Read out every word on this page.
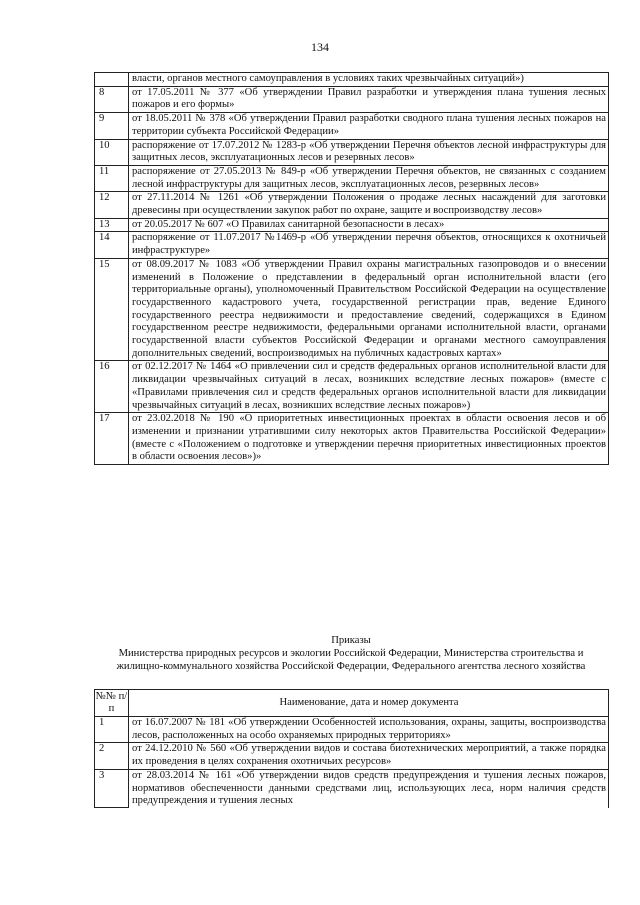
134
	власти, органов местного самоуправления в условиях таких чрезвычайных ситуаций»)
8	от 17.05.2011 № 377 «Об утверждении Правил разработки и утверждения плана тушения лесных пожаров и его формы»
9	от 18.05.2011 № 378 «Об утверждении Правил разработки сводного плана тушения лесных пожаров на территории субъекта Российской Федерации»
10	распоряжение от 17.07.2012 № 1283-р «Об утверждении Перечня объектов лесной инфраструктуры для защитных лесов, эксплуатационных лесов и резервных лесов»
11	распоряжение от 27.05.2013 № 849-р «Об утверждении Перечня объектов, не связанных с созданием лесной инфраструктуры для защитных лесов, эксплуатационных лесов, резервных лесов»
12	от 27.11.2014 № 1261 «Об утверждении Положения о продаже лесных насаждений для заготовки древесины при осуществлении закупок работ по охране, защите и воспроизводству лесов»
13	от 20.05.2017 № 607 «О Правилах санитарной безопасности в лесах»
14	распоряжение от 11.07.2017 №1469-р «Об утверждении перечня объектов, относящихся к охотничьей инфраструктуре»
15	от 08.09.2017 № 1083 «Об утверждении Правил охраны магистральных газопроводов и о внесении изменений в Положение о представлении в федеральный орган исполнительной власти (его территориальные органы), уполномоченный Правительством Российской Федерации на осуществление государственного кадастрового учета, государственной регистрации прав, ведение Единого государственного реестра недвижимости и предоставление сведений, содержащихся в Едином государственном реестре недвижимости, федеральными органами исполнительной власти, органами государственной власти субъектов Российской Федерации и органами местного самоуправления дополнительных сведений, воспроизводимых на публичных кадастровых картах»
16	от 02.12.2017 № 1464 «О привлечении сил и средств федеральных органов исполнительной власти для ликвидации чрезвычайных ситуаций в лесах, возникших вследствие лесных пожаров» (вместе с «Правилами привлечения сил и средств федеральных органов исполнительной власти для ликвидации чрезвычайных ситуаций в лесах, возникших вследствие лесных пожаров»)
17	от 23.02.2018 № 190 «О приоритетных инвестиционных проектах в области освоения лесов и об изменении и признании утратившими силу некоторых актов Правительства Российской Федерации» (вместе с «Положением о подготовке и утверждении перечня приоритетных инвестиционных проектов в области освоения лесов»)»
Приказы
Министерства природных ресурсов и экологии Российской Федерации, Министерства строительства и жилищно-коммунального хозяйства Российской Федерации, Федерального агентства лесного хозяйства
№№ п/п	Наименование, дата и номер документа
1	от 16.07.2007 № 181 «Об утверждении Особенностей использования, охраны, защиты, воспроизводства лесов, расположенных на особо охраняемых природных территориях»
2	от 24.12.2010 № 560 «Об утверждении видов и состава биотехнических мероприятий, а также порядка их проведения в целях сохранения охотничьих ресурсов»
3	от 28.03.2014 № 161 «Об утверждении видов средств предупреждения и тушения лесных пожаров, нормативов обеспеченности данными средствами лиц, использующих леса, норм наличия средств предупреждения и тушения лесных
